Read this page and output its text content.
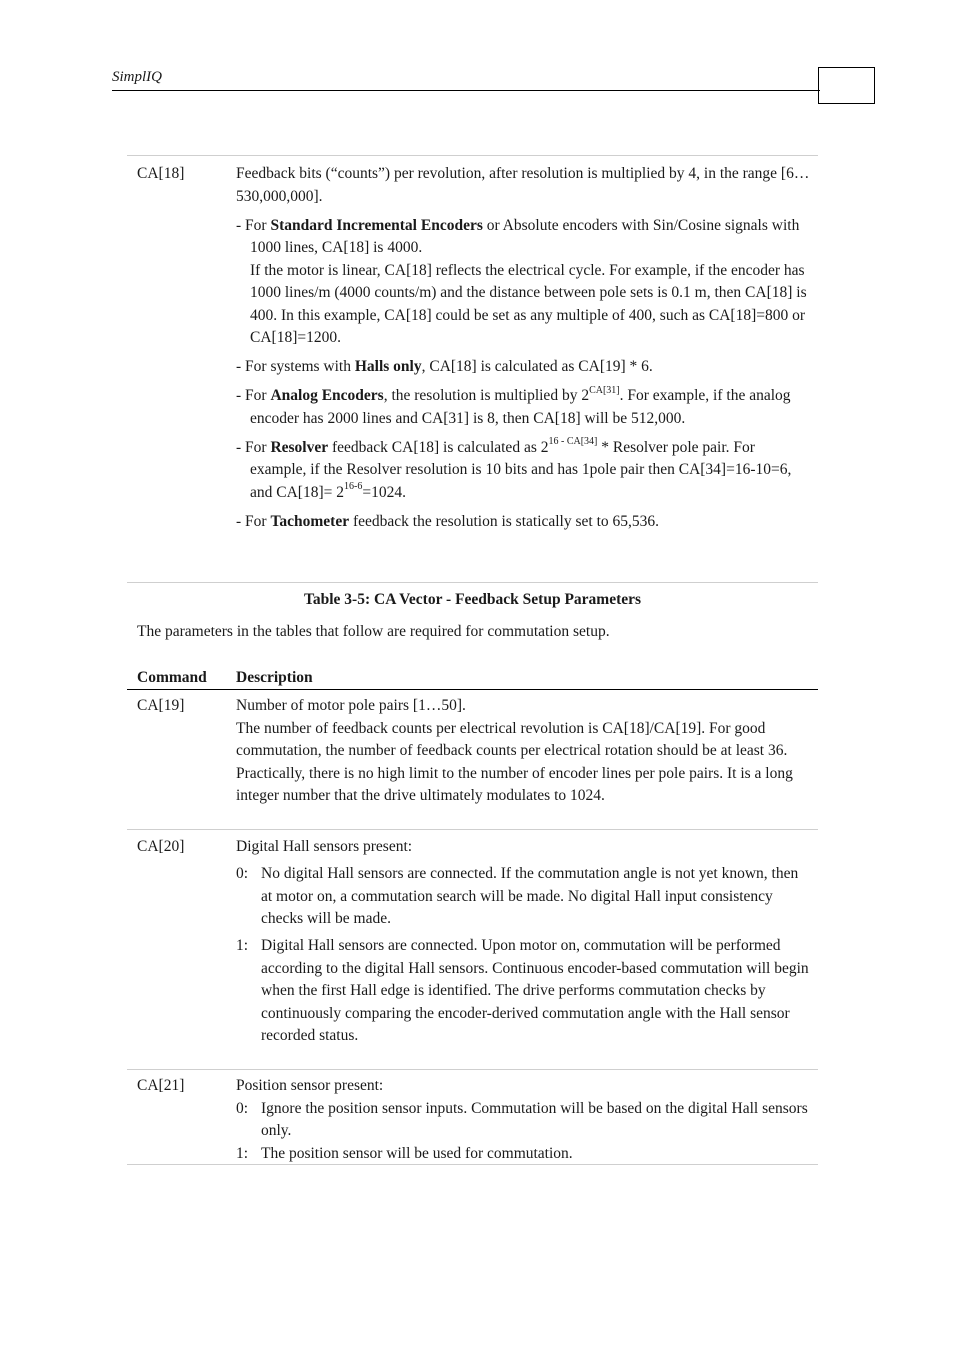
SimplIQ
CA[18]	Feedback bits (“counts”) per revolution, after resolution is multiplied by 4, in the range [6…530,000,000].

- For Standard Incremental Encoders or Absolute encoders with Sin/Cosine signals with 1000 lines, CA[18] is 4000.

If the motor is linear, CA[18] reflects the electrical cycle. For example, if the encoder has 1000 lines/m (4000 counts/m) and the distance between pole sets is 0.1 m, then CA[18] is 400. In this example, CA[18] could be set as any multiple of 400, such as CA[18]=800 or CA[18]=1200.

- For systems with Halls only, CA[18] is calculated as CA[19] * 6.

- For Analog Encoders, the resolution is multiplied by $2^{CA[31]}$. For example, if the analog encoder has 2000 lines and CA[31] is 8, then CA[18] will be 512,000.

- For Resolver feedback CA[18] is calculated as $2^{16 - CA[34]}$ * Resolver pole pair. For example, if the Resolver resolution is 10 bits and has 1pole pair then CA[34]=16-10=6, and $CA[18]= 2^{16-6}=1024$.

- For Tachometer feedback the resolution is statically set to 65,536.

Table 3-5: CA Vector - Feedback Setup Parameters
The parameters in the tables that follow are required for commutation setup.
Command Description
CA[19]	Number of motor pole pairs [1…50].

The number of feedback counts per electrical revolution is CA[18]/CA[19]. For good commutation, the number of feedback counts per electrical rotation should be at least 36. Practically, there is no high limit to the number of encoder lines per pole pairs. It is a long integer number that the drive ultimately modulates to 1024.

CA[20]	Digital Hall sensors present:

0: No digital Hall sensors are connected. If the commutation angle is not yet known, then at motor on, a commutation search will be made. No digital Hall input consistency checks will be made.

1: Digital Hall sensors are connected. Upon motor on, commutation will be performed according to the digital Hall sensors. Continuous encoder-based commutation will begin when the first Hall edge is identified. The drive performs commutation checks by continuously comparing the encoder-derived commutation angle with the Hall sensor recorded status.

CA[21]	Position sensor present:

0: Ignore the position sensor inputs. Commutation will be based on the digital Hall sensors only.

1: The position sensor will be used for commutation.
